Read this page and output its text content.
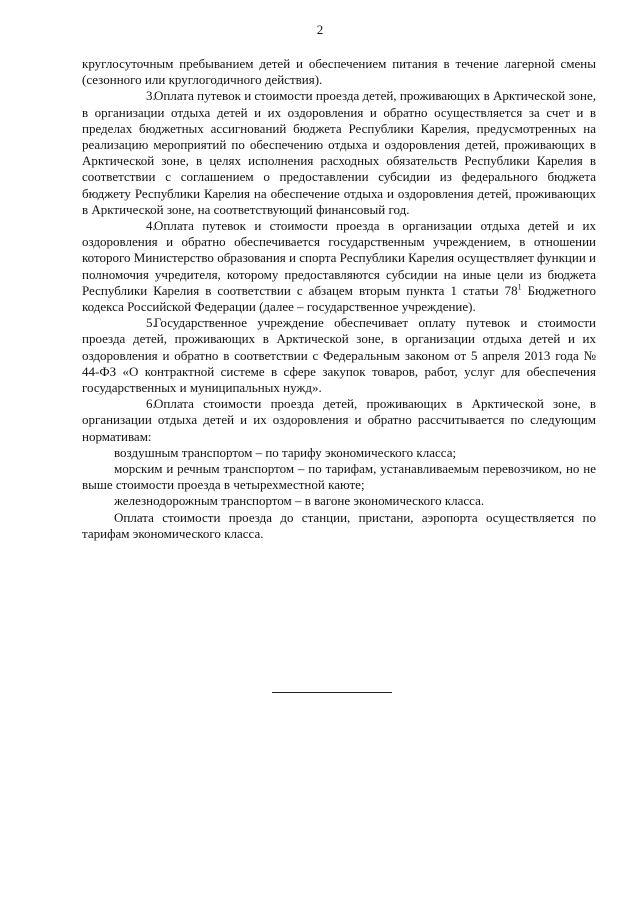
2

круглосуточным пребыванием детей и обеспечением питания в течение лагерной смены (сезонного или круглогодичного действия).

3.Оплата путевок и стоимости проезда детей, проживающих в Арктической зоне, в организации отдыха детей и их оздоровления и обратно осуществляется за счет и в пределах бюджетных ассигнований бюджета Республики Карелия, предусмотренных на реализацию мероприятий по обеспечению отдыха и оздоровления детей, проживающих в Арктической зоне, в целях исполнения расходных обязательств Республики Карелия в соответствии с соглашением о предоставлении субсидии из федерального бюджета бюджету Республики Карелия на обеспечение отдыха и оздоровления детей, проживающих в Арктической зоне, на соответствующий финансовый год.

4.Оплата путевок и стоимости проезда в организации отдыха детей и их оздоровления и обратно обеспечивается государственным учреждением, в отношении которого Министерство образования и спорта Республики Карелия осуществляет функции и полномочия учредителя, которому предоставляются субсидии на иные цели из бюджета Республики Карелия в соответствии с абзацем вторым пункта 1 статьи $78^1$ Бюджетного кодекса Российской Федерации (далее – государственное учреждение).

5.Государственное учреждение обеспечивает оплату путевок и стоимости проезда детей, проживающих в Арктической зоне, в организации отдыха детей и их оздоровления и обратно в соответствии с Федеральным законом от 5 апреля 2013 года № 44-ФЗ «О контрактной системе в сфере закупок товаров, работ, услуг для обеспечения государственных и муниципальных нужд».

6.Оплата стоимости проезда детей, проживающих в Арктической зоне, в организации отдыха детей и их оздоровления и обратно рассчитывается по следующим нормативам:

воздушным транспортом – по тарифу экономического класса;

морским и речным транспортом – по тарифам, устанавливаемым перевозчиком, но не выше стоимости проезда в четырехместной каюте;

железнодорожным транспортом – в вагоне экономического класса.

Оплата стоимости проезда до станции, пристани, аэропорта осуществляется по тарифам экономического класса.
